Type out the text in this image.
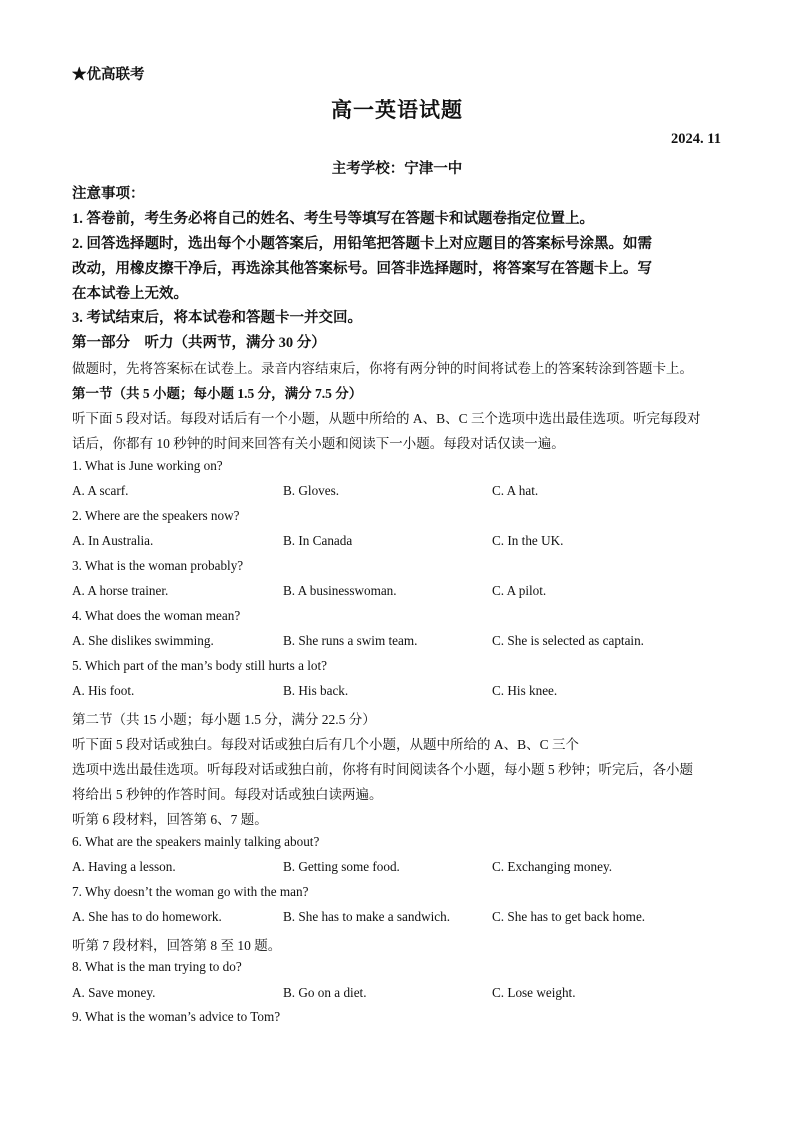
★优高联考
高一英语试题
2024. 11
主考学校：宁津一中
注意事项：
1. 答卷前，考生务必将自己的姓名、考生号等填写在答题卡和试题卷指定位置上。
2. 回答选择题时，选出每个小题答案后，用铅笔把答题卡上对应题目的答案标号涂黑。如需
改动，用橡皮擦干净后，再选涂其他答案标号。回答非选择题时，将答案写在答题卡上。写
在本试卷上无效。
3. 考试结束后，将本试卷和答题卡一并交回。
第一部分　听力（共两节，满分 30 分）
做题时，先将答案标在试卷上。录音内容结束后，你将有两分钟的时间将试卷上的答案转涂到答题卡上。
第一节（共 5 小题；每小题 1.5 分，满分 7.5 分）
听下面 5 段对话。每段对话后有一个小题，从题中所给的 A、B、C 三个选项中选出最佳选项。听完每段对
话后，你都有 10 秒钟的时间来回答有关小题和阅读下一小题。每段对话仅读一遍。
1. What is June working on?
A. A scarf.	B. Gloves.	C. A hat.
2. Where are the speakers now?
A. In Australia.	B. In Canada	C. In the UK.
3. What is the woman probably?
A. A horse trainer.	B. A businesswoman.	C. A pilot.
4. What does the woman mean?
A. She dislikes swimming.	B. She runs a swim team.	C. She is selected as captain.
5. Which part of the man’s body still hurts a lot?
A. His foot.	B. His back.	C. His knee.
第二节（共 15 小题；每小题 1.5 分，满分 22.5 分）
听下面 5 段对话或独白。每段对话或独白后有几个小题，从题中所给的 A、B、C 三个
选项中选出最佳选项。听每段对话或独白前，你将有时间阅读各个小题，每小题 5 秒钟；听完后，各小题
将给出 5 秒钟的作答时间。每段对话或独白读两遍。
听第 6 段材料，回答第 6、7 题。
6. What are the speakers mainly talking about?
A. Having a lesson.	B. Getting some food.	C. Exchanging money.
7. Why doesn’t the woman go with the man?
A. She has to do homework.	B. She has to make a sandwich.	C. She has to get back home.
听第 7 段材料，回答第 8 至 10 题。
8. What is the man trying to do?
A. Save money.	B. Go on a diet.	C. Lose weight.
9. What is the woman’s advice to Tom?
